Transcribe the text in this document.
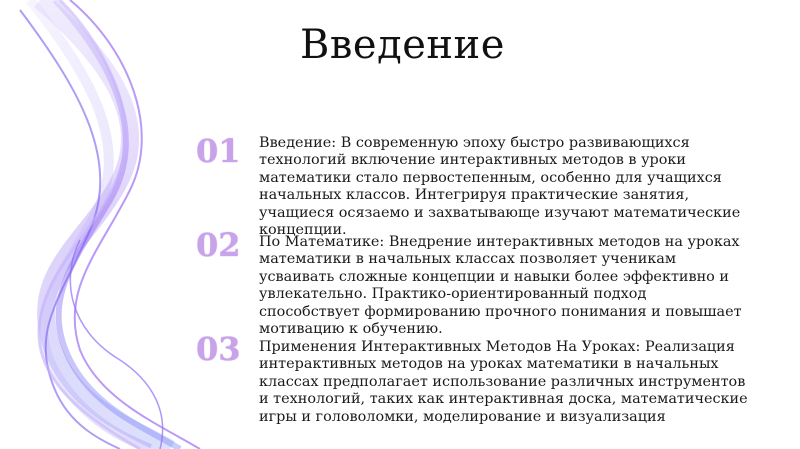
Введение
01	Введение: В современную эпоху быстро развивающихся технологий включение интерактивных методов в уроки математики стало первостепенным, особенно для учащихся начальных классов. Интегрируя практические занятия, учащиеся осязаемо и захватывающе изучают математические концепции.
02	По Математике: Внедрение интерактивных методов на уроках математики в начальных классах позволяет ученикам усваивать сложные концепции и навыки более эффективно и увлекательно. Практико-ориентированный подход способствует формированию прочного понимания и повышает мотивацию к обучению.
03	Применения Интерактивных Методов На Уроках: Реализация интерактивных методов на уроках математики в начальных классах предполагает использование различных инструментов и технологий, таких как интерактивная доска, математические игры и головоломки, моделирование и визуализация
